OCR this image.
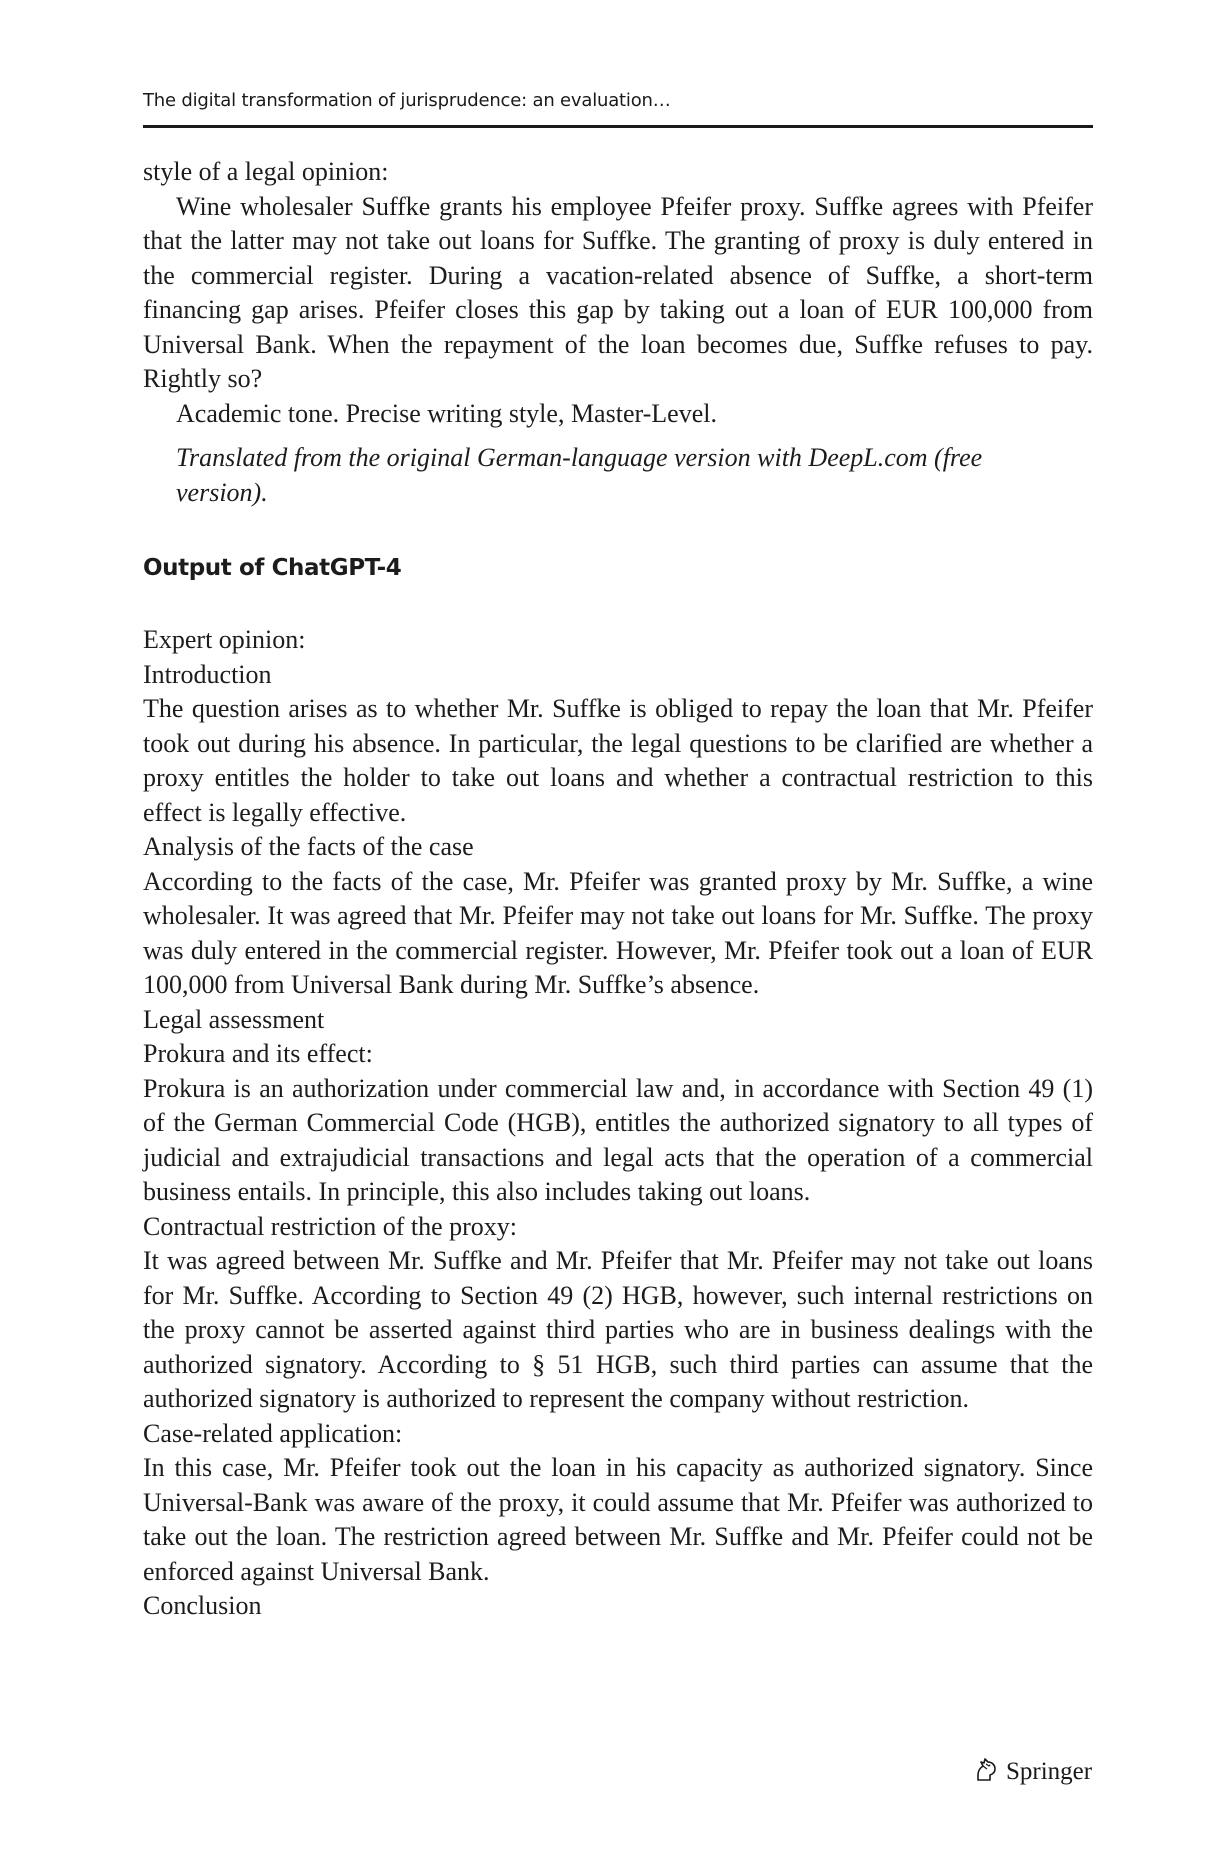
The digital transformation of jurisprudence: an evaluation…

style of a legal opinion:

Wine wholesaler Suffke grants his employee Pfeifer proxy. Suffke agrees with Pfeifer that the latter may not take out loans for Suffke. The granting of proxy is duly entered in the commercial register. During a vacation-related absence of Suffke, a short-term financing gap arises. Pfeifer closes this gap by taking out a loan of EUR 100,000 from Universal Bank. When the repayment of the loan becomes due, Suffke refuses to pay. Rightly so?

Academic tone. Precise writing style, Master-Level.

Translated from the original German-language version with DeepL.com (free version).

Output of ChatGPT-4

Expert opinion:

Introduction

The question arises as to whether Mr. Suffke is obliged to repay the loan that Mr. Pfeifer took out during his absence. In particular, the legal questions to be clarified are whether a proxy entitles the holder to take out loans and whether a contractual restriction to this effect is legally effective.

Analysis of the facts of the case

According to the facts of the case, Mr. Pfeifer was granted proxy by Mr. Suffke, a wine wholesaler. It was agreed that Mr. Pfeifer may not take out loans for Mr. Suffke. The proxy was duly entered in the commercial register. However, Mr. Pfeifer took out a loan of EUR 100,000 from Universal Bank during Mr. Suffke’s absence.

Legal assessment

Prokura and its effect:

Prokura is an authorization under commercial law and, in accordance with Section 49 (1) of the German Commercial Code (HGB), entitles the authorized signatory to all types of judicial and extrajudicial transactions and legal acts that the operation of a commercial business entails. In principle, this also includes taking out loans.

Contractual restriction of the proxy:

It was agreed between Mr. Suffke and Mr. Pfeifer that Mr. Pfeifer may not take out loans for Mr. Suffke. According to Section 49 (2) HGB, however, such internal restrictions on the proxy cannot be asserted against third parties who are in business dealings with the authorized signatory. According to § 51 HGB, such third parties can assume that the authorized signatory is authorized to represent the company without restriction.

Case-related application:

In this case, Mr. Pfeifer took out the loan in his capacity as authorized signatory. Since Universal-Bank was aware of the proxy, it could assume that Mr. Pfeifer was authorized to take out the loan. The restriction agreed between Mr. Suffke and Mr. Pfeifer could not be enforced against Universal Bank.

Conclusion

Springer
